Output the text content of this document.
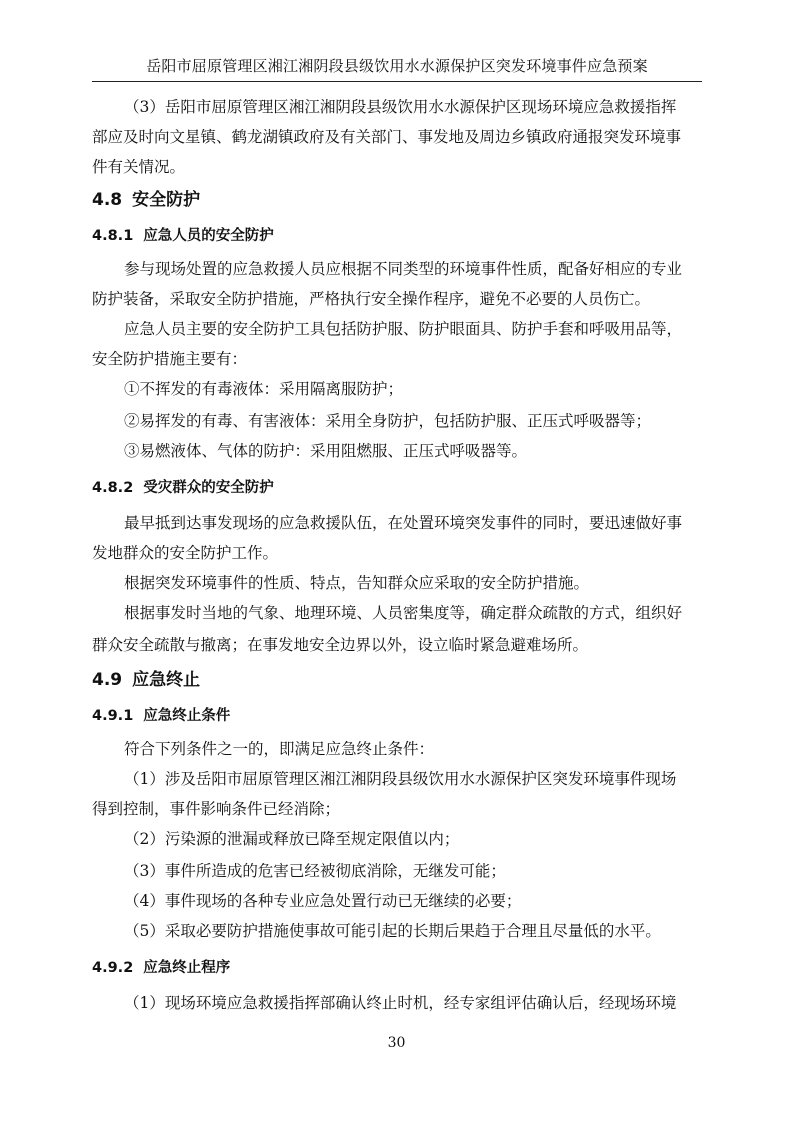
岳阳市屈原管理区湘江湘阴段县级饮用水水源保护区突发环境事件应急预案
（3）岳阳市屈原管理区湘江湘阴段县级饮用水水源保护区现场环境应急救援指挥
部应及时向文星镇、鹤龙湖镇政府及有关部门、事发地及周边乡镇政府通报突发环境事
件有关情况。
4.8 安全防护
4.8.1 应急人员的安全防护
参与现场处置的应急救援人员应根据不同类型的环境事件性质，配备好相应的专业
防护装备，采取安全防护措施，严格执行安全操作程序，避免不必要的人员伤亡。
应急人员主要的安全防护工具包括防护服、防护眼面具、防护手套和呼吸用品等，
安全防护措施主要有：
①不挥发的有毒液体：采用隔离服防护；
②易挥发的有毒、有害液体：采用全身防护，包括防护服、正压式呼吸器等；
③易燃液体、气体的防护：采用阻燃服、正压式呼吸器等。
4.8.2 受灾群众的安全防护
最早抵到达事发现场的应急救援队伍，在处置环境突发事件的同时，要迅速做好事
发地群众的安全防护工作。
根据突发环境事件的性质、特点，告知群众应采取的安全防护措施。
根据事发时当地的气象、地理环境、人员密集度等，确定群众疏散的方式，组织好
群众安全疏散与撤离；在事发地安全边界以外，设立临时紧急避难场所。
4.9 应急终止
4.9.1 应急终止条件
符合下列条件之一的，即满足应急终止条件：
（1）涉及岳阳市屈原管理区湘江湘阴段县级饮用水水源保护区突发环境事件现场
得到控制，事件影响条件已经消除；
（2）污染源的泄漏或释放已降至规定限值以内；
（3）事件所造成的危害已经被彻底消除，无继发可能；
（4）事件现场的各种专业应急处置行动已无继续的必要；
（5）采取必要防护措施使事故可能引起的长期后果趋于合理且尽量低的水平。
4.9.2 应急终止程序
（1）现场环境应急救援指挥部确认终止时机，经专家组评估确认后，经现场环境
30
